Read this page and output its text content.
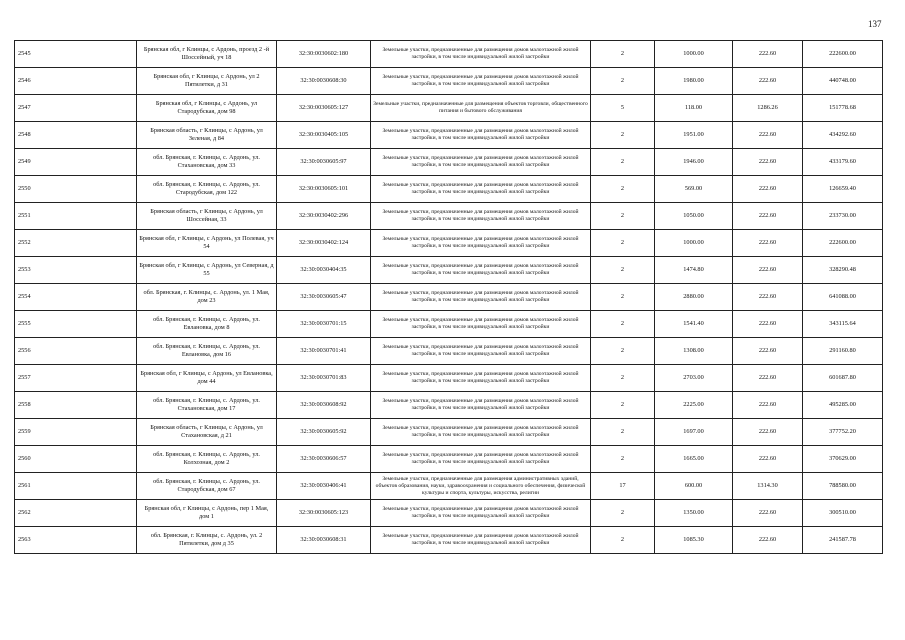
137
2545	Брянская обл, г Клинцы, с Ардонь, проезд 2 -й Шоссейный, уч 18	32:30:0030602:180	Земельные участки, предназначенные для размещения домов малоэтажной жилой застройки, в том числе индивидуальной жилой застройки	2	1000.00	222.60	222600.00
2546	Брянская обл, г Клинцы, с Ардонь, ул 2 Пятилетки, д 31	32:30:0030608:30	Земельные участки, предназначенные для размещения домов малоэтажной жилой застройки, в том числе индивидуальной жилой застройки	2	1980.00	222.60	440748.00
2547	Брянская обл, г Клинцы, с Ардонь, ул Стародубская, дом 98	32:30:0030605:127	Земельные участки, предназначенные для размещения объектов торговли, общественного питания и бытового обслуживания	5	118.00	1286.26	151778.68
2548	Брянская область, г Клинцы, с Ардонь, ул Зеленая, д 84	32:30:0030405:105	Земельные участки, предназначенные для размещения домов малоэтажной жилой застройки, в том числе индивидуальной жилой застройки	2	1951.00	222.60	434292.60
2549	обл. Брянская, г. Клинцы, с. Ардонь, ул. Стахановская, дом 33	32:30:0030605:97	Земельные участки, предназначенные для размещения домов малоэтажной жилой застройки, в том числе индивидуальной жилой застройки	2	1946.00	222.60	433179.60
2550	обл. Брянская, г. Клинцы, с. Ардонь, ул. Стародубская, дом 122	32:30:0030605:101	Земельные участки, предназначенные для размещения домов малоэтажной жилой застройки, в том числе индивидуальной жилой застройки	2	569.00	222.60	126659.40
2551	Брянская область, г Клинцы, с Ардонь, ул Шоссейная, 33	32:30:0030402:296	Земельные участки, предназначенные для размещения домов малоэтажной жилой застройки, в том числе индивидуальной жилой застройки	2	1050.00	222.60	233730.00
2552	Брянская обл, г Клинцы, с Ардонь, ул Полевая, уч 54	32:30:0030402:124	Земельные участки, предназначенные для размещения домов малоэтажной жилой застройки, в том числе индивидуальной жилой застройки	2	1000.00	222.60	222600.00
2553	Брянская обл, г Клинцы, с Ардонь, ул Северная, д 55	32:30:0030404:35	Земельные участки, предназначенные для размещения домов малоэтажной жилой застройки, в том числе индивидуальной жилой застройки	2	1474.80	222.60	328290.48
2554	обл. Брянская, г. Клинцы, с. Ардонь, ул. 1 Мая, дом 23	32:30:0030605:47	Земельные участки, предназначенные для размещения домов малоэтажной жилой застройки, в том числе индивидуальной жилой застройки	2	2880.00	222.60	641088.00
2555	обл. Брянская, г. Клинцы, с. Ардонь, ул. Евлановка, дом 8	32:30:0030701:15	Земельные участки, предназначенные для размещения домов малоэтажной жилой застройки, в том числе индивидуальной жилой застройки	2	1541.40	222.60	343115.64
2556	обл. Брянская, г. Клинцы, с. Ардонь, ул. Евлановка, дом 16	32:30:0030701:41	Земельные участки, предназначенные для размещения домов малоэтажной жилой застройки, в том числе индивидуальной жилой застройки	2	1308.00	222.60	291160.80
2557	Брянская обл, г Клинцы, с Ардонь, ул Евлановка, дом 44	32:30:0030701:83	Земельные участки, предназначенные для размещения домов малоэтажной жилой застройки, в том числе индивидуальной жилой застройки	2	2703.00	222.60	601687.80
2558	обл. Брянская, г. Клинцы, с. Ардонь, ул. Стахановская, дом 17	32:30:0030608:92	Земельные участки, предназначенные для размещения домов малоэтажной жилой застройки, в том числе индивидуальной жилой застройки	2	2225.00	222.60	495285.00
2559	Брянская область, г Клинцы, с Ардонь, ул Стахановская, д 21	32:30:0030605:92	Земельные участки, предназначенные для размещения домов малоэтажной жилой застройки, в том числе индивидуальной жилой застройки	2	1697.00	222.60	377752.20
2560	обл. Брянская, г. Клинцы, с. Ардонь, ул. Колхозная, дом 2	32:30:0030606:57	Земельные участки, предназначенные для размещения домов малоэтажной жилой застройки, в том числе индивидуальной жилой застройки	2	1665.00	222.60	370629.00
2561	обл. Брянская, г. Клинцы, с. Ардонь, ул. Стародубская, дом 67	32:30:0030406:41	Земельные участки, предназначенные для размещения административных зданий, объектов образования, науки, здравоохранения и социального обеспечения, физической культуры и спорта, культуры, искусства, религии	17	600.00	1314.30	788580.00
2562	Брянская обл, г Клинцы, с Ардонь, пер 1 Мая, дом 1	32:30:0030605:123	Земельные участки, предназначенные для размещения домов малоэтажной жилой застройки, в том числе индивидуальной жилой застройки	2	1350.00	222.60	300510.00
2563	обл. Брянская, г. Клинцы, с. Ардонь, ул. 2 Пятилетки, дом д 35	32:30:0030608:31	Земельные участки, предназначенные для размещения домов малоэтажной жилой застройки, в том числе индивидуальной жилой застройки	2	1085.30	222.60	241587.78
